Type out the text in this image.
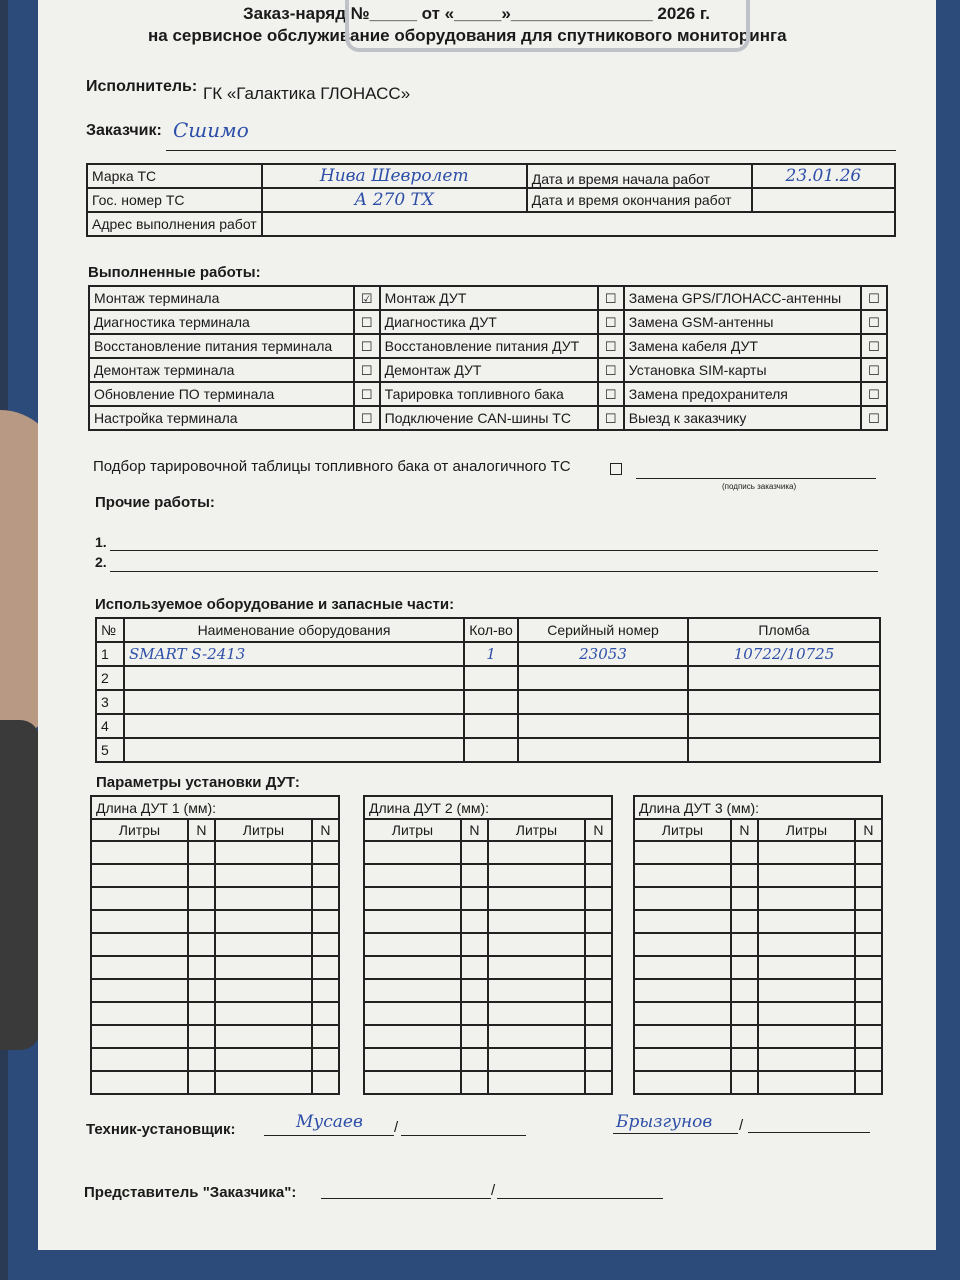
Заказ-наряд №_____ от «_____»_______________ 2026 г.
на сервисное обслуживание оборудования для спутникового мониторинга
Исполнитель: ГК «Галактика ГЛОНАСС»
Заказчик: Сшимо
Марка ТС	Нива Шевролет	Дата и время начала работ	23.01.26
Гос. номер ТС	А 270 ТХ	Дата и время окончания работ	
Адрес выполнения работ			
Выполненные работы:
Монтаж терминала	☑	Монтаж ДУТ	☐	Замена GPS/ГЛОНАСС-антенны	☐
Диагностика терминала	☐	Диагностика ДУТ	☐	Замена GSM-антенны	☐
Восстановление питания терминала	☐	Восстановление питания ДУТ	☐	Замена кабеля ДУТ	☐
Демонтаж терминала	☐	Демонтаж ДУТ	☐	Установка SIM-карты	☐
Обновление ПО терминала	☐	Тарировка топливного бака	☐	Замена предохранителя	☐
Настройка терминала	☐	Подключение CAN-шины ТС	☐	Выезд к заказчику	☐
Подбор тарировочной таблицы топливного бака от аналогичного ТС
(подпись заказчика)
Прочие работы:
1.
2.
Используемое оборудование и запасные части:
№	Наименование оборудования	Кол-во	Серийный номер	Пломба
1	SMART S-2413	1	23053	10722/10725
2				
3				
4				
5				
Параметры установки ДУТ:
Длина ДУТ 1 (мм):			
Литры	N	Литры	N

Длина ДУТ 2 (мм):			
Литры	N	Литры	N

Длина ДУТ 3 (мм):			
Литры	N	Литры	N

Техник-установщик:	Мусаев /	Брызгунов /
Представитель "Заказчика":	/
